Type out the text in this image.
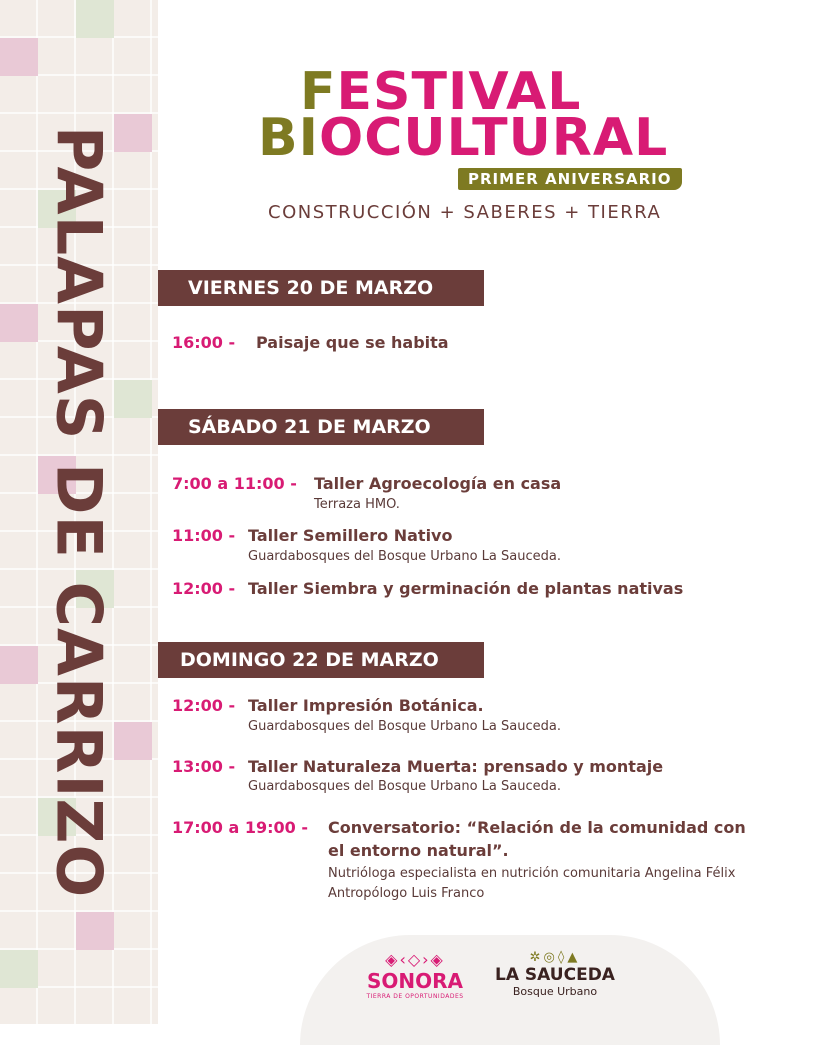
PALAPAS DE CARRIZO
FESTIVAL
BIOCULTURAL
PRIMER ANIVERSARIO
CONSTRUCCIÓN + SABERES + TIERRA
VIERNES 20 DE MARZO
16:00 - Paisaje que se habita
SÁBADO 21 DE MARZO
7:00 a 11:00 - Taller Agroecología en casa
Terraza HMO.
11:00 - Taller Semillero Nativo
Guardabosques del Bosque Urbano La Sauceda.
12:00 - Taller Siembra y germinación de plantas nativas
DOMINGO 22 DE MARZO
12:00 - Taller Impresión Botánica.
Guardabosques del Bosque Urbano La Sauceda.
13:00 - Taller Naturaleza Muerta: prensado y montaje
Guardabosques del Bosque Urbano La Sauceda.
17:00 a 19:00 - Conversatorio: “Relación de la comunidad con
el entorno natural”.
Nutrióloga especialista en nutrición comunitaria Angelina Félix
Antropólogo Luis Franco
◈‹◇›◈
SONORA
TIERRA DE OPORTUNIDADES
✲◎◊▲
LA SAUCEDA
Bosque Urbano
